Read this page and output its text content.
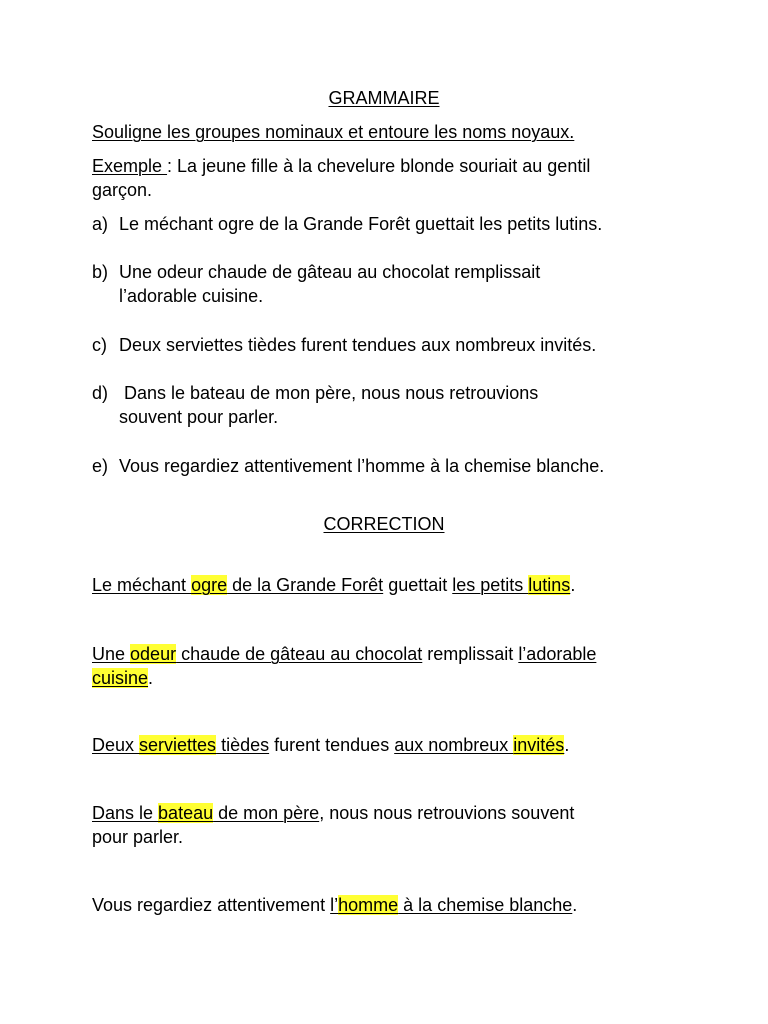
GRAMMAIRE
Souligne les groupes nominaux et entoure les noms noyaux.
Exemple : La jeune fille à la chevelure blonde souriait au gentil
garçon.
a) Le méchant ogre de la Grande Forêt guettait les petits lutins.
b) Une odeur chaude de gâteau au chocolat remplissait
l’adorable cuisine.
c) Deux serviettes tièdes furent tendues aux nombreux invités.
d) Dans le bateau de mon père, nous nous retrouvions
souvent pour parler.
e) Vous regardiez attentivement l’homme à la chemise blanche.
CORRECTION
Le méchant ogre de la Grande Forêt guettait les petits lutins.
Une odeur chaude de gâteau au chocolat remplissait l’adorable
cuisine.
Deux serviettes tièdes furent tendues aux nombreux invités.
Dans le bateau de mon père, nous nous retrouvions souvent
pour parler.
Vous regardiez attentivement l’homme à la chemise blanche.
